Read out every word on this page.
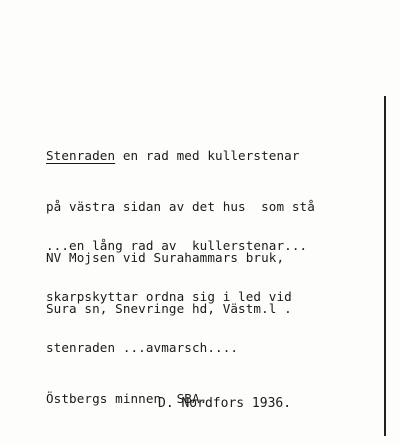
Stenraden en rad med kullerstenar

på västra sidan av det hus  som stå

NV Mojsen vid Surahammars bruk,

Sura sn, Snevringe hd, Västm.l .

...en lång rad av  kullerstenar...

skarpskyttar ordna sig i led vid

stenraden ...avmarsch....

Östbergs minnen  SBA.

D. Nordfors 1936.
